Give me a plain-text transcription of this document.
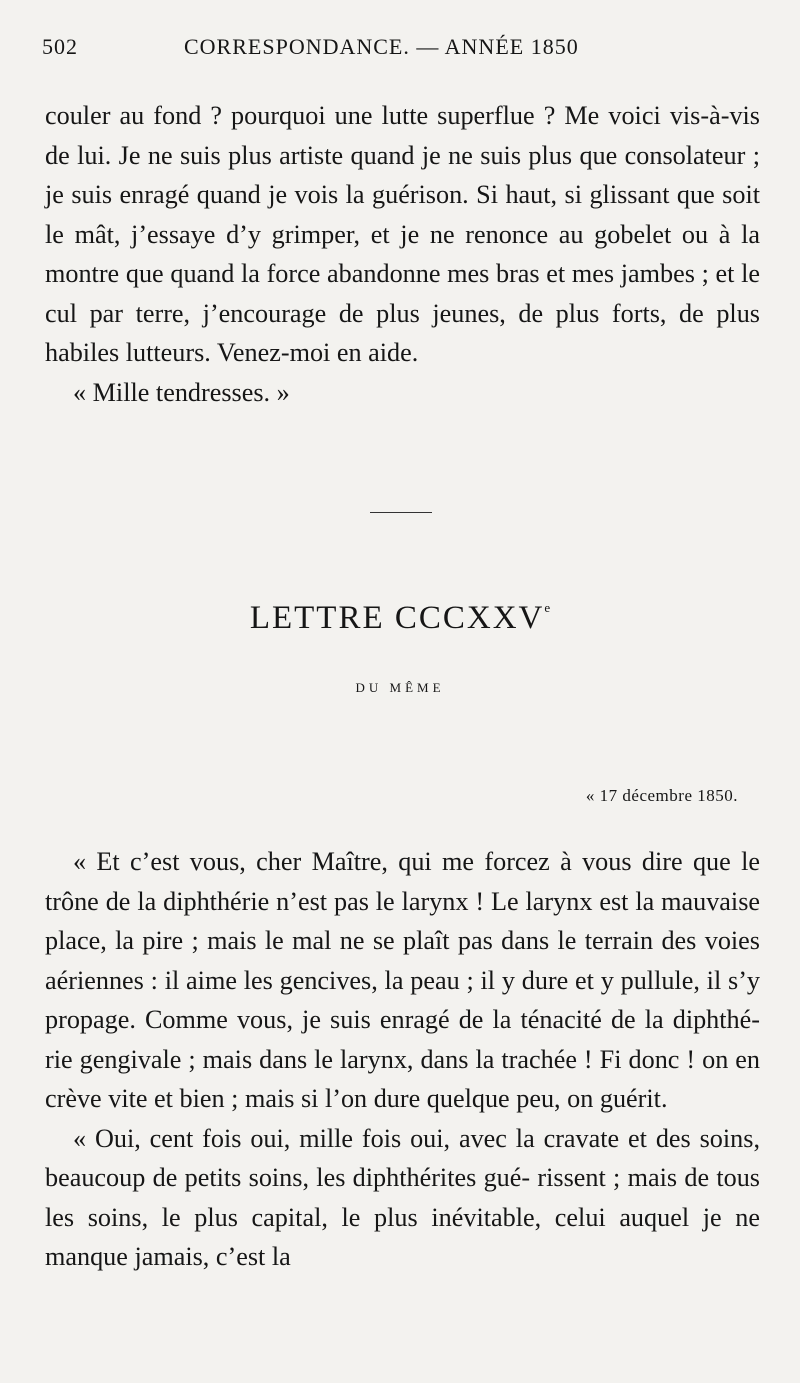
502	CORRESPONDANCE. — ANNÉE 1850

couler au fond ? pourquoi une lutte superflue ? Me voici vis-à-vis de lui. Je ne suis plus artiste quand je ne suis plus que consolateur ; je suis enragé quand je vois la guérison. Si haut, si glissant que soit le mât, j’essaye d’y grimper, et je ne renonce au gobelet ou à la montre que quand la force abandonne mes bras et mes jambes ; et le cul par terre, j’encourage de plus jeunes, de plus forts, de plus habiles lutteurs. Venez-moi en aide.

« Mille tendresses. »

LETTRE CCCXXVe
DU MÊME
« 17 décembre 1850.

« Et c’est vous, cher Maître, qui me forcez à vous dire que le trône de la diphthérie n’est pas le larynx ! Le larynx est la mauvaise place, la pire ; mais le mal ne se plaît pas dans le terrain des voies aériennes : il aime les gencives, la peau ; il y dure et y pullule, il s’y propage. Comme vous, je suis enragé de la ténacité de la diphthé- rie gengivale ; mais dans le larynx, dans la trachée ! Fi donc ! on en crève vite et bien ; mais si l’on dure quelque peu, on guérit.

« Oui, cent fois oui, mille fois oui, avec la cravate et des soins, beaucoup de petits soins, les diphthérites gué- rissent ; mais de tous les soins, le plus capital, le plus inévitable, celui auquel je ne manque jamais, c’est la
